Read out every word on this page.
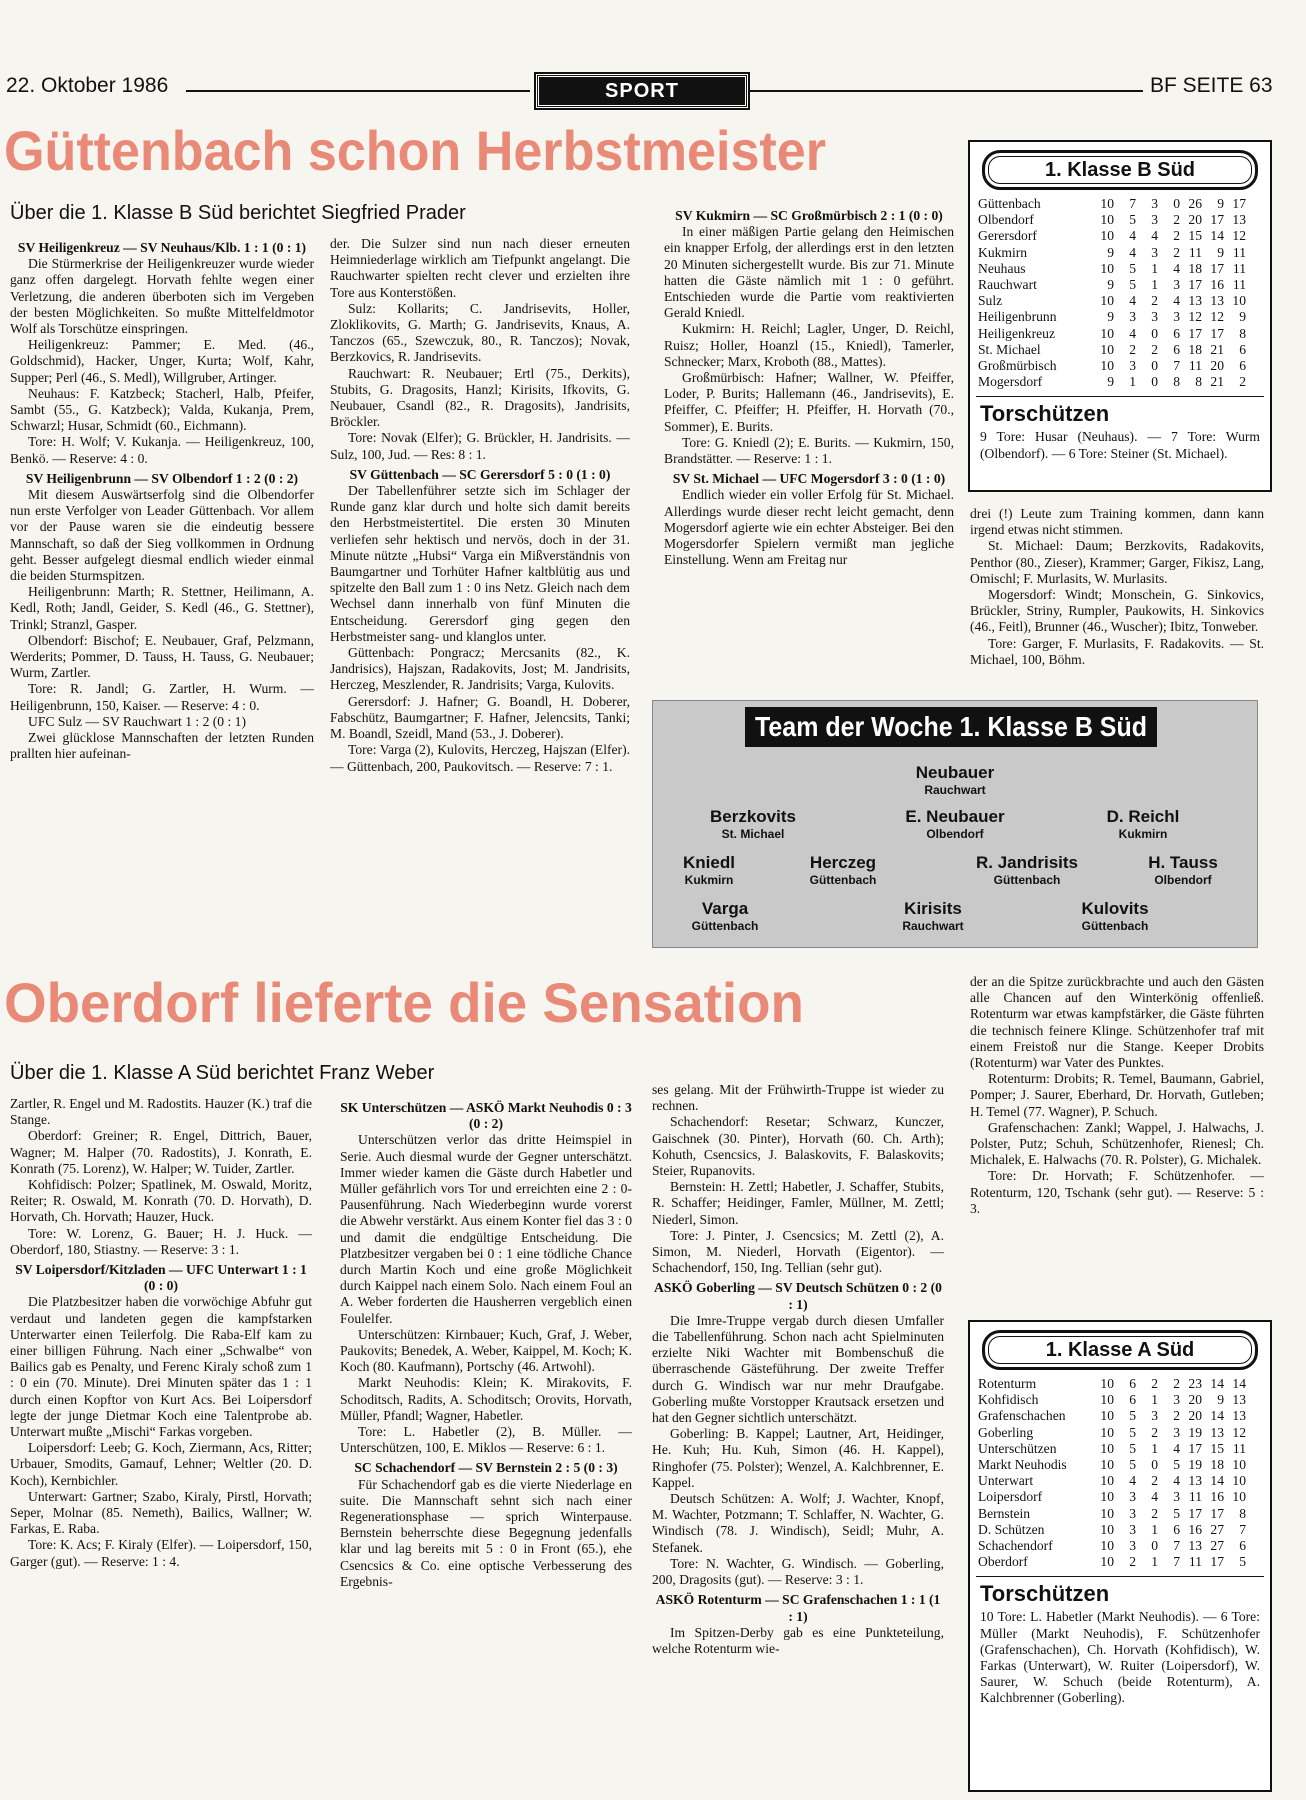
22. Oktober 1986	SPORT	BF SEITE 63
Güttenbach schon Herbstmeister
Über die 1. Klasse B Süd berichtet Siegfried Prader

SV Heiligenkreuz — SV Neuhaus/Klb. 1 : 1 (0 : 1)

Die Stürmerkrise der Heiligenkreuzer wurde wieder ganz offen dargelegt. Horvath fehlte wegen einer Verletzung, die anderen überboten sich im Vergeben der besten Möglichkeiten. So mußte Mittelfeldmotor Wolf als Torschütze einspringen.

Heiligenkreuz: Pammer; E. Med. (46., Goldschmid), Hacker, Unger, Kurta; Wolf, Kahr, Supper; Perl (46., S. Medl), Willgruber, Artinger.

Neuhaus: F. Katzbeck; Stacherl, Halb, Pfeifer, Sambt (55., G. Katzbeck); Valda, Kukanja, Prem, Schwarzl; Husar, Schmidt (60., Eichmann).

Tore: H. Wolf; V. Kukanja. — Heiligenkreuz, 100, Benkö. — Reserve: 4 : 0.

SV Heiligenbrunn — SV Olbendorf 1 : 2 (0 : 2)

Mit diesem Auswärtserfolg sind die Olbendorfer nun erste Verfolger von Leader Güttenbach. Vor allem vor der Pause waren sie die eindeutig bessere Mannschaft, so daß der Sieg vollkommen in Ordnung geht. Besser aufgelegt diesmal endlich wieder einmal die beiden Sturmspitzen.

Heiligenbrunn: Marth; R. Stettner, Heilimann, A. Kedl, Roth; Jandl, Geider, S. Kedl (46., G. Stettner), Trinkl; Stranzl, Gasper.

Olbendorf: Bischof; E. Neubauer, Graf, Pelzmann, Werderits; Pommer, D. Tauss, H. Tauss, G. Neubauer; Wurm, Zartler.

Tore: R. Jandl; G. Zartler, H. Wurm. — Heiligenbrunn, 150, Kaiser. — Reserve: 4 : 0.

UFC Sulz — SV Rauchwart 1 : 2 (0 : 1)

Zwei glücklose Mannschaften der letzten Runden prallten hier aufeinan-

der. Die Sulzer sind nun nach dieser erneuten Heimniederlage wirklich am Tiefpunkt angelangt. Die Rauchwarter spielten recht clever und erzielten ihre Tore aus Konterstößen.

Sulz: Kollarits; C. Jandrisevits, Holler, Zloklikovits, G. Marth; G. Jandrisevits, Knaus, A. Tanczos (65., Szewczuk, 80., R. Tanczos); Novak, Berzkovics, R. Jandrisevits.

Rauchwart: R. Neubauer; Ertl (75., Derkits), Stubits, G. Dragosits, Hanzl; Kirisits, Ifkovits, G. Neubauer, Csandl (82., R. Dragosits), Jandrisits, Bröckler.

Tore: Novak (Elfer); G. Brückler, H. Jandrisits. — Sulz, 100, Jud. — Res: 8 : 1.

SV Güttenbach — SC Gerersdorf 5 : 0 (1 : 0)

Der Tabellenführer setzte sich im Schlager der Runde ganz klar durch und holte sich damit bereits den Herbstmeistertitel. Die ersten 30 Minuten verliefen sehr hektisch und nervös, doch in der 31. Minute nützte „Hubsi“ Varga ein Mißverständnis von Baumgartner und Torhüter Hafner kaltblütig aus und spitzelte den Ball zum 1 : 0 ins Netz. Gleich nach dem Wechsel dann innerhalb von fünf Minuten die Entscheidung. Gerersdorf ging gegen den Herbstmeister sang- und klanglos unter.

Güttenbach: Pongracz; Mercsanits (82., K. Jandrisics), Hajszan, Radakovits, Jost; M. Jandrisits, Herczeg, Meszlender, R. Jandrisits; Varga, Kulovits.

Gerersdorf: J. Hafner; G. Boandl, H. Doberer, Fabschütz, Baumgartner; F. Hafner, Jelencsits, Tanki; M. Boandl, Szeidl, Mand (53., J. Doberer).

Tore: Varga (2), Kulovits, Herczeg, Hajszan (Elfer). — Güttenbach, 200, Paukovitsch. — Reserve: 7 : 1.

SV Kukmirn — SC Großmürbisch 2 : 1 (0 : 0)

In einer mäßigen Partie gelang den Heimischen ein knapper Erfolg, der allerdings erst in den letzten 20 Minuten sichergestellt wurde. Bis zur 71. Minute hatten die Gäste nämlich mit 1 : 0 geführt. Entschieden wurde die Partie vom reaktivierten Gerald Kniedl.

Kukmirn: H. Reichl; Lagler, Unger, D. Reichl, Ruisz; Holler, Hoanzl (15., Kniedl), Tamerler, Schnecker; Marx, Kroboth (88., Mattes).

Großmürbisch: Hafner; Wallner, W. Pfeiffer, Loder, P. Burits; Hallemann (46., Jandrisevits), E. Pfeiffer, C. Pfeiffer; H. Pfeiffer, H. Horvath (70., Sommer), E. Burits.

Tore: G. Kniedl (2); E. Burits. — Kukmirn, 150, Brandstätter. — Reserve: 1 : 1.

SV St. Michael — UFC Mogersdorf 3 : 0 (1 : 0)

Endlich wieder ein voller Erfolg für St. Michael. Allerdings wurde dieser recht leicht gemacht, denn Mogersdorf agierte wie ein echter Absteiger. Bei den Mogersdorfer Spielern vermißt man jegliche Einstellung. Wenn am Freitag nur

drei (!) Leute zum Training kommen, dann kann irgend etwas nicht stimmen.

St. Michael: Daum; Berzkovits, Radakovits, Penthor (80., Zieser), Krammer; Garger, Fikisz, Lang, Omischl; F. Murlasits, W. Murlasits.

Mogersdorf: Windt; Monschein, G. Sinkovics, Brückler, Striny, Rumpler, Paukowits, H. Sinkovics (46., Feitl), Brunner (46., Wuscher); Ibitz, Tonweber.

Tore: Garger, F. Murlasits, F. Radakovits. — St. Michael, 100, Böhm.

1. Klasse B Süd
Güttenbach	10	7	3	0	26	9	17
Olbendorf	10	5	3	2	20	17	13
Gerersdorf	10	4	4	2	15	14	12
Kukmirn	9	4	3	2	11	9	11
Neuhaus	10	5	1	4	18	17	11
Rauchwart	9	5	1	3	17	16	11
Sulz	10	4	2	4	13	13	10
Heiligenbrunn	9	3	3	3	12	12	9
Heiligenkreuz	10	4	0	6	17	17	8
St. Michael	10	2	2	6	18	21	6
Großmürbisch	10	3	0	7	11	20	6
Mogersdorf	9	1	0	8	8	21	2
Torschützen
9 Tore: Husar (Neuhaus). — 7 Tore: Wurm (Olbendorf). — 6 Tore: Steiner (St. Michael).
Team der Woche 1. Klasse B Süd
Neubauer
Rauchwart
Berzkovits
St. Michael
E. Neubauer
Olbendorf
D. Reichl
Kukmirn
Kniedl
Kukmirn
Herczeg
Güttenbach
R. Jandrisits
Güttenbach
H. Tauss
Olbendorf
Varga
Güttenbach
Kirisits
Rauchwart
Kulovits
Güttenbach
Oberdorf lieferte die Sensation
Über die 1. Klasse A Süd berichtet Franz Weber

Zartler, R. Engel und M. Radostits. Hauzer (K.) traf die Stange.

Oberdorf: Greiner; R. Engel, Dittrich, Bauer, Wagner; M. Halper (70. Radostits), J. Konrath, E. Konrath (75. Lorenz), W. Halper; W. Tuider, Zartler.

Kohfidisch: Polzer; Spatlinek, M. Oswald, Moritz, Reiter; R. Oswald, M. Konrath (70. D. Horvath), D. Horvath, Ch. Horvath; Hauzer, Huck.

Tore: W. Lorenz, G. Bauer; H. J. Huck. — Oberdorf, 180, Stiastny. — Reserve: 3 : 1.

SV Loipersdorf/Kitzladen — UFC Unterwart 1 : 1 (0 : 0)

Die Platzbesitzer haben die vorwöchige Abfuhr gut verdaut und landeten gegen die kampfstarken Unterwarter einen Teilerfolg. Die Raba-Elf kam zu einer billigen Führung. Nach einer „Schwalbe“ von Bailics gab es Penalty, und Ferenc Kiraly schoß zum 1 : 0 ein (70. Minute). Drei Minuten später das 1 : 1 durch einen Kopftor von Kurt Acs. Bei Loipersdorf legte der junge Dietmar Koch eine Talentprobe ab. Unterwart mußte „Mischi“ Farkas vorgeben.

Loipersdorf: Leeb; G. Koch, Ziermann, Acs, Ritter; Urbauer, Smodits, Gamauf, Lehner; Weltler (20. D. Koch), Kernbichler.

Unterwart: Gartner; Szabo, Kiraly, Pirstl, Horvath; Seper, Molnar (85. Nemeth), Bailics, Wallner; W. Farkas, E. Raba.

Tore: K. Acs; F. Kiraly (Elfer). — Loipersdorf, 150, Garger (gut). — Reserve: 1 : 4.

SK Unterschützen — ASKÖ Markt Neuhodis 0 : 3 (0 : 2)

Unterschützen verlor das dritte Heimspiel in Serie. Auch diesmal wurde der Gegner unterschätzt. Immer wieder kamen die Gäste durch Habetler und Müller gefährlich vors Tor und erreichten eine 2 : 0-Pausenführung. Nach Wiederbeginn wurde vorerst die Abwehr verstärkt. Aus einem Konter fiel das 3 : 0 und damit die endgültige Entscheidung. Die Platzbesitzer vergaben bei 0 : 1 eine tödliche Chance durch Martin Koch und eine große Möglichkeit durch Kaippel nach einem Solo. Nach einem Foul an A. Weber forderten die Hausherren vergeblich einen Foulelfer.

Unterschützen: Kirnbauer; Kuch, Graf, J. Weber, Paukovits; Benedek, A. Weber, Kaippel, M. Koch; K. Koch (80. Kaufmann), Portschy (46. Artwohl).

Markt Neuhodis: Klein; K. Mirakovits, F. Schoditsch, Radits, A. Schoditsch; Orovits, Horvath, Müller, Pfandl; Wagner, Habetler.

Tore: L. Habetler (2), B. Müller. — Unterschützen, 100, E. Miklos — Reserve: 6 : 1.

SC Schachendorf — SV Bernstein 2 : 5 (0 : 3)

Für Schachendorf gab es die vierte Niederlage en suite. Die Mannschaft sehnt sich nach einer Regenerationsphase — sprich Winterpause. Bernstein beherrschte diese Begegnung jedenfalls klar und lag bereits mit 5 : 0 in Front (65.), ehe Csencsics & Co. eine optische Verbesserung des Ergebnis-

ses gelang. Mit der Frühwirth-Truppe ist wieder zu rechnen.

Schachendorf: Resetar; Schwarz, Kunczer, Gaischnek (30. Pinter), Horvath (60. Ch. Arth); Kohuth, Csencsics, J. Balaskovits, F. Balaskovits; Steier, Rupanovits.

Bernstein: H. Zettl; Habetler, J. Schaffer, Stubits, R. Schaffer; Heidinger, Famler, Müllner, M. Zettl; Niederl, Simon.

Tore: J. Pinter, J. Csencsics; M. Zettl (2), A. Simon, M. Niederl, Horvath (Eigentor). — Schachendorf, 150, Ing. Tellian (sehr gut).

ASKÖ Goberling — SV Deutsch Schützen 0 : 2 (0 : 1)

Die Imre-Truppe vergab durch diesen Umfaller die Tabellenführung. Schon nach acht Spielminuten erzielte Niki Wachter mit Bombenschuß die überraschende Gästeführung. Der zweite Treffer durch G. Windisch war nur mehr Draufgabe. Goberling mußte Vorstopper Krautsack ersetzen und hat den Gegner sichtlich unterschätzt.

Goberling: B. Kappel; Lautner, Art, Heidinger, He. Kuh; Hu. Kuh, Simon (46. H. Kappel), Ringhofer (75. Polster); Wenzel, A. Kalchbrenner, E. Kappel.

Deutsch Schützen: A. Wolf; J. Wachter, Knopf, M. Wachter, Potzmann; T. Schlaffer, N. Wachter, G. Windisch (78. J. Windisch), Seidl; Muhr, A. Stefanek.

Tore: N. Wachter, G. Windisch. — Goberling, 200, Dragosits (gut). — Reserve: 3 : 1.

ASKÖ Rotenturm — SC Grafenschachen 1 : 1 (1 : 1)

Im Spitzen-Derby gab es eine Punkteteilung, welche Rotenturm wie-

der an die Spitze zurückbrachte und auch den Gästen alle Chancen auf den Winterkönig offenließ. Rotenturm war etwas kampfstärker, die Gäste führten die technisch feinere Klinge. Schützenhofer traf mit einem Freistoß nur die Stange. Keeper Drobits (Rotenturm) war Vater des Punktes.

Rotenturm: Drobits; R. Temel, Baumann, Gabriel, Pomper; J. Saurer, Eberhard, Dr. Horvath, Gutleben; H. Temel (77. Wagner), P. Schuch.

Grafenschachen: Zankl; Wappel, J. Halwachs, J. Polster, Putz; Schuh, Schützenhofer, Rienesl; Ch. Michalek, E. Halwachs (70. R. Polster), G. Michalek.

Tore: Dr. Horvath; F. Schützenhofer. — Rotenturm, 120, Tschank (sehr gut). — Reserve: 5 : 3.

1. Klasse A Süd
Rotenturm	10	6	2	2	23	14	14
Kohfidisch	10	6	1	3	20	9	13
Grafenschachen	10	5	3	2	20	14	13
Goberling	10	5	2	3	19	13	12
Unterschützen	10	5	1	4	17	15	11
Markt Neuhodis	10	5	0	5	19	18	10
Unterwart	10	4	2	4	13	14	10
Loipersdorf	10	3	4	3	11	16	10
Bernstein	10	3	2	5	17	17	8
D. Schützen	10	3	1	6	16	27	7
Schachendorf	10	3	0	7	13	27	6
Oberdorf	10	2	1	7	11	17	5
Torschützen
10 Tore: L. Habetler (Markt Neuhodis). — 6 Tore: Müller (Markt Neuhodis), F. Schützenhofer (Grafenschachen), Ch. Horvath (Kohfidisch), W. Farkas (Unterwart), W. Ruiter (Loipersdorf), W. Saurer, W. Schuch (beide Rotenturm), A. Kalchbrenner (Goberling).
